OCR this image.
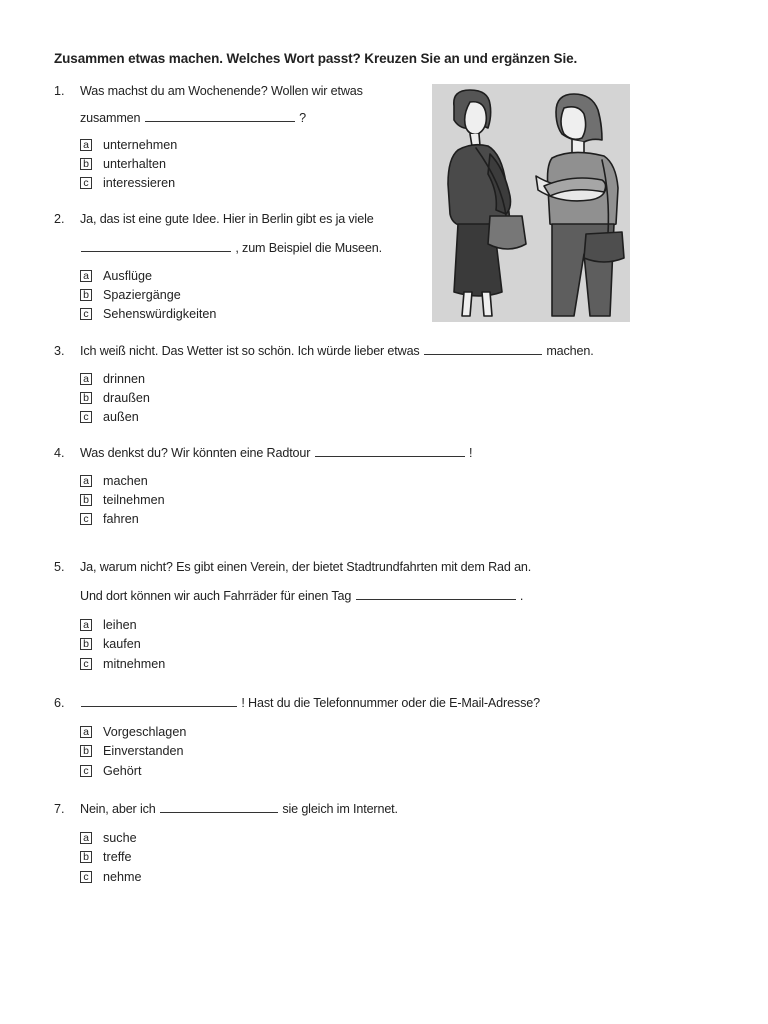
Zusammen etwas machen. Welches Wort passt? Kreuzen Sie an und ergänzen Sie.
1. Was machst du am Wochenende? Wollen wir etwas
zusammen	?
a unternehmen
b unterhalten
c interessieren
2. Ja, das ist eine gute Idee. Hier in Berlin gibt es ja viele
, zum Beispiel die Museen.
a Ausflüge
b Spaziergänge
c Sehenswürdigkeiten
3. Ich weiß nicht. Das Wetter ist so schön. Ich würde lieber etwas	machen.
a drinnen
b draußen
c außen
4. Was denkst du? Wir könnten eine Radtour	!
a machen
b teilnehmen
c fahren
5. Ja, warum nicht? Es gibt einen Verein, der bietet Stadtrundfahrten mit dem Rad an.
Und dort können wir auch Fahrräder für einen Tag	.
a leihen
b kaufen
c mitnehmen
6.	! Hast du die Telefonnummer oder die E-Mail-Adresse?
a Vorgeschlagen
b Einverstanden
c Gehört
7. Nein, aber ich	sie gleich im Internet.
a suche
b treffe
c nehme
